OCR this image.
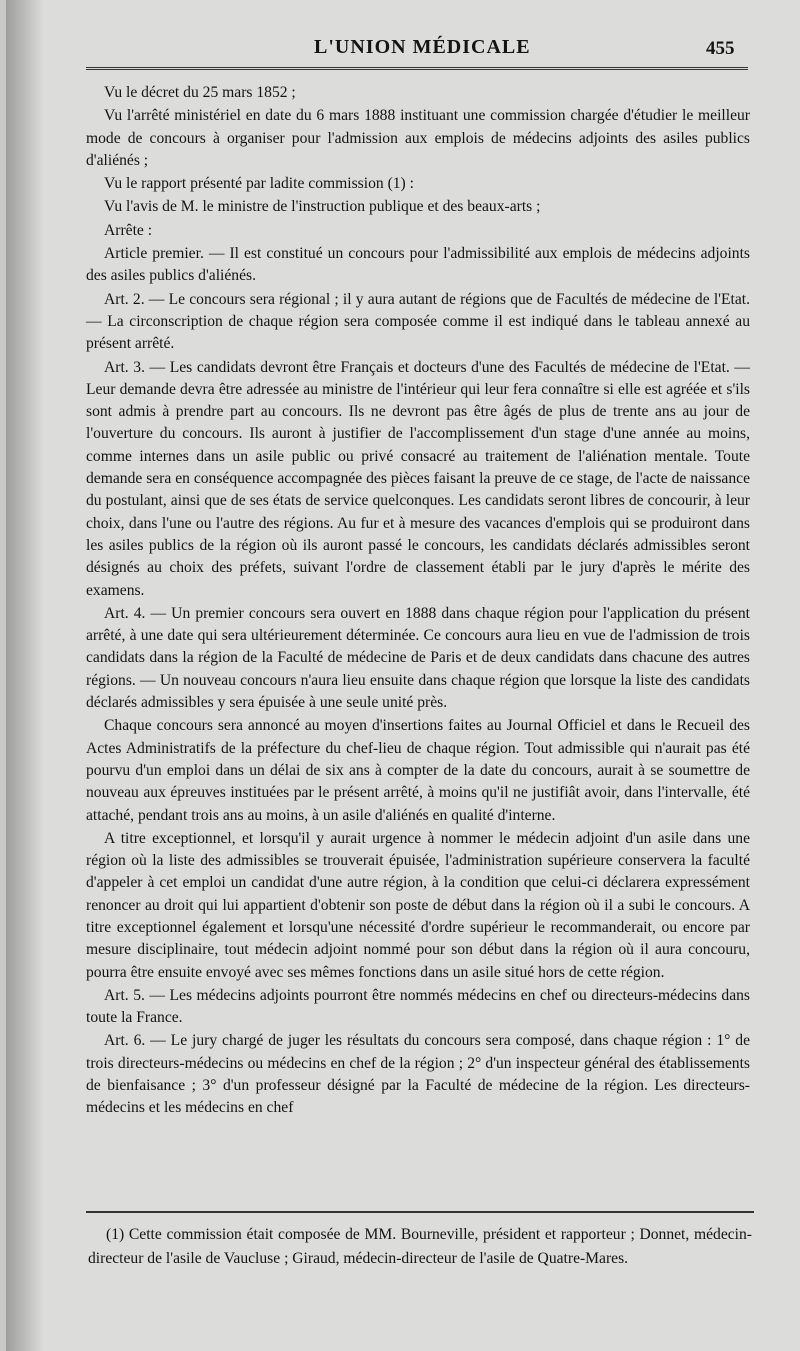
L'UNION MÉDICALE	455

Vu le décret du 25 mars 1852 ;

Vu l'arrêté ministériel en date du 6 mars 1888 instituant une commission chargée d'étudier le meilleur mode de concours à organiser pour l'admission aux emplois de médecins adjoints des asiles publics d'aliénés ;

Vu le rapport présenté par ladite commission (1) :

Vu l'avis de M. le ministre de l'instruction publique et des beaux-arts ;

Arrête :

Article premier. — Il est constitué un concours pour l'admissibilité aux emplois de médecins adjoints des asiles publics d'aliénés.

Art. 2. — Le concours sera régional ; il y aura autant de régions que de Facultés de médecine de l'Etat. — La circonscription de chaque région sera composée comme il est indiqué dans le tableau annexé au présent arrêté.

Art. 3. — Les candidats devront être Français et docteurs d'une des Facultés de médecine de l'Etat. — Leur demande devra être adressée au ministre de l'intérieur qui leur fera connaître si elle est agréée et s'ils sont admis à prendre part au concours. Ils ne devront pas être âgés de plus de trente ans au jour de l'ouverture du concours. Ils auront à justifier de l'accomplissement d'un stage d'une année au moins, comme internes dans un asile public ou privé consacré au traitement de l'aliénation mentale. Toute demande sera en conséquence accompagnée des pièces faisant la preuve de ce stage, de l'acte de naissance du postulant, ainsi que de ses états de service quelconques. Les candidats seront libres de concourir, à leur choix, dans l'une ou l'autre des régions. Au fur et à mesure des vacances d'emplois qui se produiront dans les asiles publics de la région où ils auront passé le concours, les candidats déclarés admissibles seront désignés au choix des préfets, suivant l'ordre de classement établi par le jury d'après le mérite des examens.

Art. 4. — Un premier concours sera ouvert en 1888 dans chaque région pour l'application du présent arrêté, à une date qui sera ultérieurement déterminée. Ce concours aura lieu en vue de l'admission de trois candidats dans la région de la Faculté de médecine de Paris et de deux candidats dans chacune des autres régions. — Un nouveau concours n'aura lieu ensuite dans chaque région que lorsque la liste des candidats déclarés admissibles y sera épuisée à une seule unité près.

Chaque concours sera annoncé au moyen d'insertions faites au Journal Officiel et dans le Recueil des Actes Administratifs de la préfecture du chef-lieu de chaque région. Tout admissible qui n'aurait pas été pourvu d'un emploi dans un délai de six ans à compter de la date du concours, aurait à se soumettre de nouveau aux épreuves instituées par le présent arrêté, à moins qu'il ne justifiât avoir, dans l'intervalle, été attaché, pendant trois ans au moins, à un asile d'aliénés en qualité d'interne.

A titre exceptionnel, et lorsqu'il y aurait urgence à nommer le médecin adjoint d'un asile dans une région où la liste des admissibles se trouverait épuisée, l'administration supérieure conservera la faculté d'appeler à cet emploi un candidat d'une autre région, à la condition que celui-ci déclarera expressément renoncer au droit qui lui appartient d'obtenir son poste de début dans la région où il a subi le concours. A titre exceptionnel également et lorsqu'une nécessité d'ordre supérieur le recommanderait, ou encore par mesure disciplinaire, tout médecin adjoint nommé pour son début dans la région où il aura concouru, pourra être ensuite envoyé avec ses mêmes fonctions dans un asile situé hors de cette région.

Art. 5. — Les médecins adjoints pourront être nommés médecins en chef ou directeurs-médecins dans toute la France.

Art. 6. — Le jury chargé de juger les résultats du concours sera composé, dans chaque région : 1° de trois directeurs-médecins ou médecins en chef de la région ; 2° d'un inspecteur général des établissements de bienfaisance ; 3° d'un professeur désigné par la Faculté de médecine de la région. Les directeurs-médecins et les médecins en chef

(1) Cette commission était composée de MM. Bourneville, président et rapporteur ; Donnet, médecin-directeur de l'asile de Vaucluse ; Giraud, médecin-directeur de l'asile de Quatre-Mares.
